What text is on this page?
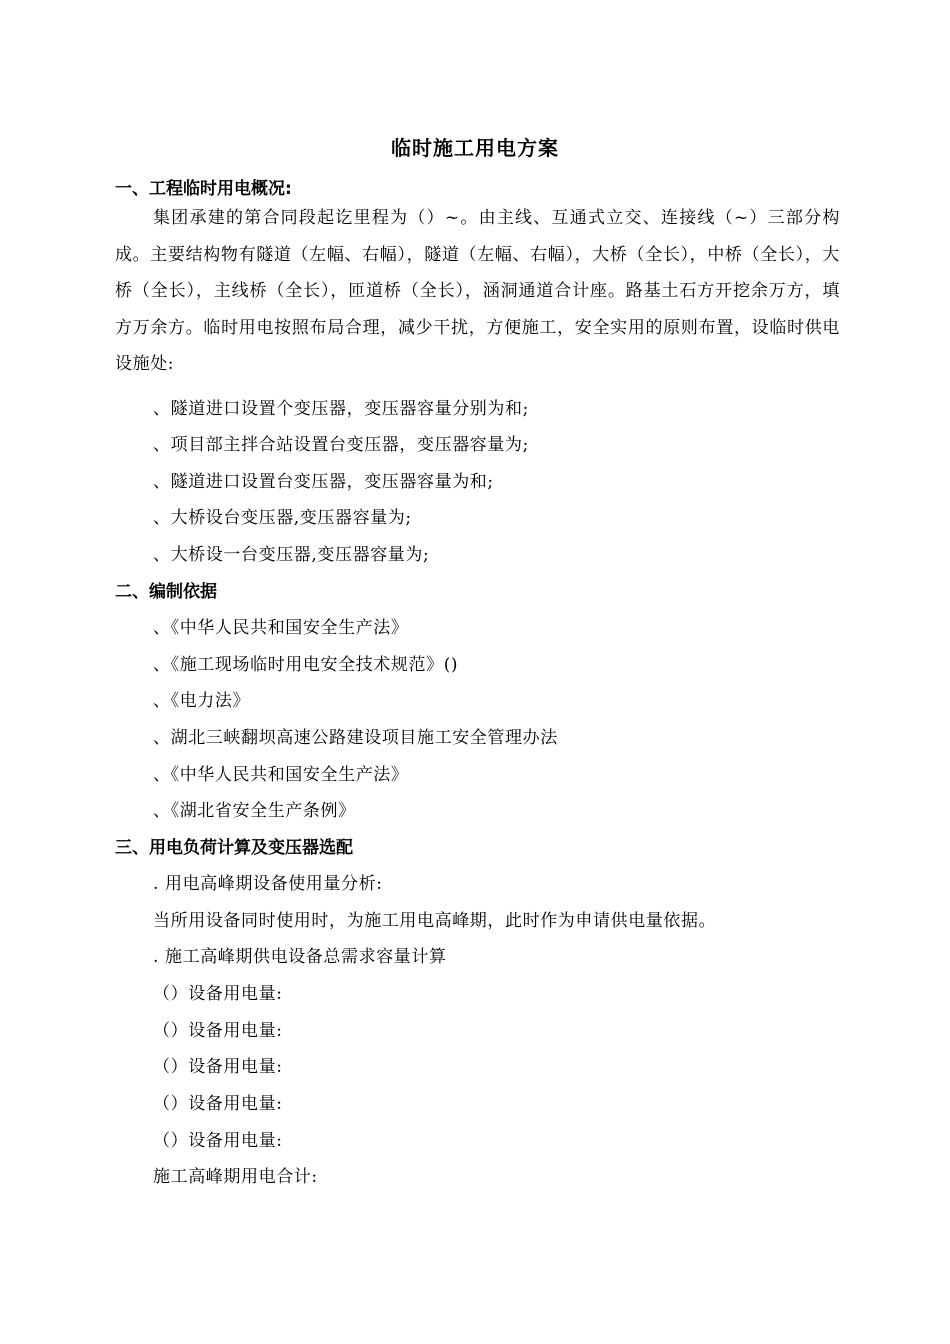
临时施工用电方案
一、工程临时用电概况:
集团承建的第合同段起讫里程为（）~。由主线、互通式立交、连接线（~）三部分构成。主要结构物有隧道（左幅、右幅），隧道（左幅、右幅），大桥（全长），中桥（全长），大桥（全长），主线桥（全长），匝道桥（全长），涵洞通道合计座。路基土石方开挖余万方，填方万余方。临时用电按照布局合理，减少干扰，方便施工，安全实用的原则布置，设临时供电设施处:
、隧道进口设置个变压器，变压器容量分别为和;
、项目部主拌合站设置台变压器，变压器容量为;
、隧道进口设置台变压器，变压器容量为和;
、大桥设台变压器,变压器容量为;
、大桥设一台变压器,变压器容量为;
二、编制依据
、《中华人民共和国安全生产法》
、《施工现场临时用电安全技术规范》()
、《电力法》
、湖北三峡翻坝高速公路建设项目施工安全管理办法
、《中华人民共和国安全生产法》
、《湖北省安全生产条例》
三、用电负荷计算及变压器选配
. 用电高峰期设备使用量分析:
当所用设备同时使用时，为施工用电高峰期，此时作为申请供电量依据。
. 施工高峰期供电设备总需求容量计算
（）设备用电量:
（）设备用电量:
（）设备用电量:
（）设备用电量:
（）设备用电量:
施工高峰期用电合计:
